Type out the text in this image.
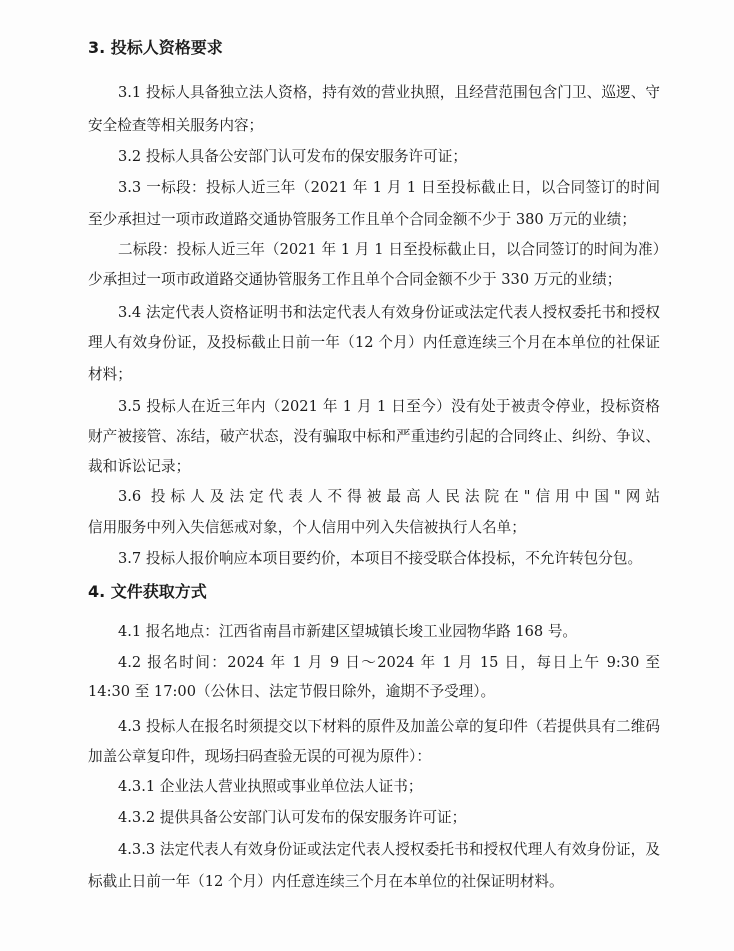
3. 投标人资格要求
4. 文件获取方式
3.1 投标人具备独立法人资格，持有效的营业执照，且经营范围包含门卫、巡逻、守
安全检查等相关服务内容；
3.2 投标人具备公安部门认可发布的保安服务许可证；
3.3 一标段：投标人近三年（2021 年 1 月 1 日至投标截止日，以合同签订的时间
至少承担过一项市政道路交通协管服务工作且单个合同金额不少于 380 万元的业绩；
二标段：投标人近三年（2021 年 1 月 1 日至投标截止日，以合同签订的时间为准）
少承担过一项市政道路交通协管服务工作且单个合同金额不少于 330 万元的业绩；
3.4 法定代表人资格证明书和法定代表人有效身份证或法定代表人授权委托书和授权
理人有效身份证，及投标截止日前一年（12 个月）内任意连续三个月在本单位的社保证
材料；
3.5 投标人在近三年内（2021 年 1 月 1 日至今）没有处于被责令停业，投标资格
财产被接管、冻结，破产状态，没有骗取中标和严重违约引起的合同终止、纠纷、争议、
裁和诉讼记录；
3.6 投标人及法定代表人不得被最高人民法院在"信用中国"网站
信用服务中列入失信惩戒对象，个人信用中列入失信被执行人名单；
3.7 投标人报价响应本项目要约价，本项目不接受联合体投标，不允许转包分包。
4.1 报名地点：江西省南昌市新建区望城镇长埈工业园物华路 168 号。
4.2 报名时间：2024 年 1 月 9 日～2024 年 1 月 15 日，每日上午 9:30 至
14:30 至 17:00（公休日、法定节假日除外，逾期不予受理）。
4.3 投标人在报名时须提交以下材料的原件及加盖公章的复印件（若提供具有二维码
加盖公章复印件，现场扫码查验无误的可视为原件）：
4.3.1 企业法人营业执照或事业单位法人证书；
4.3.2 提供具备公安部门认可发布的保安服务许可证；
4.3.3 法定代表人有效身份证或法定代表人授权委托书和授权代理人有效身份证，及
标截止日前一年（12 个月）内任意连续三个月在本单位的社保证明材料。
